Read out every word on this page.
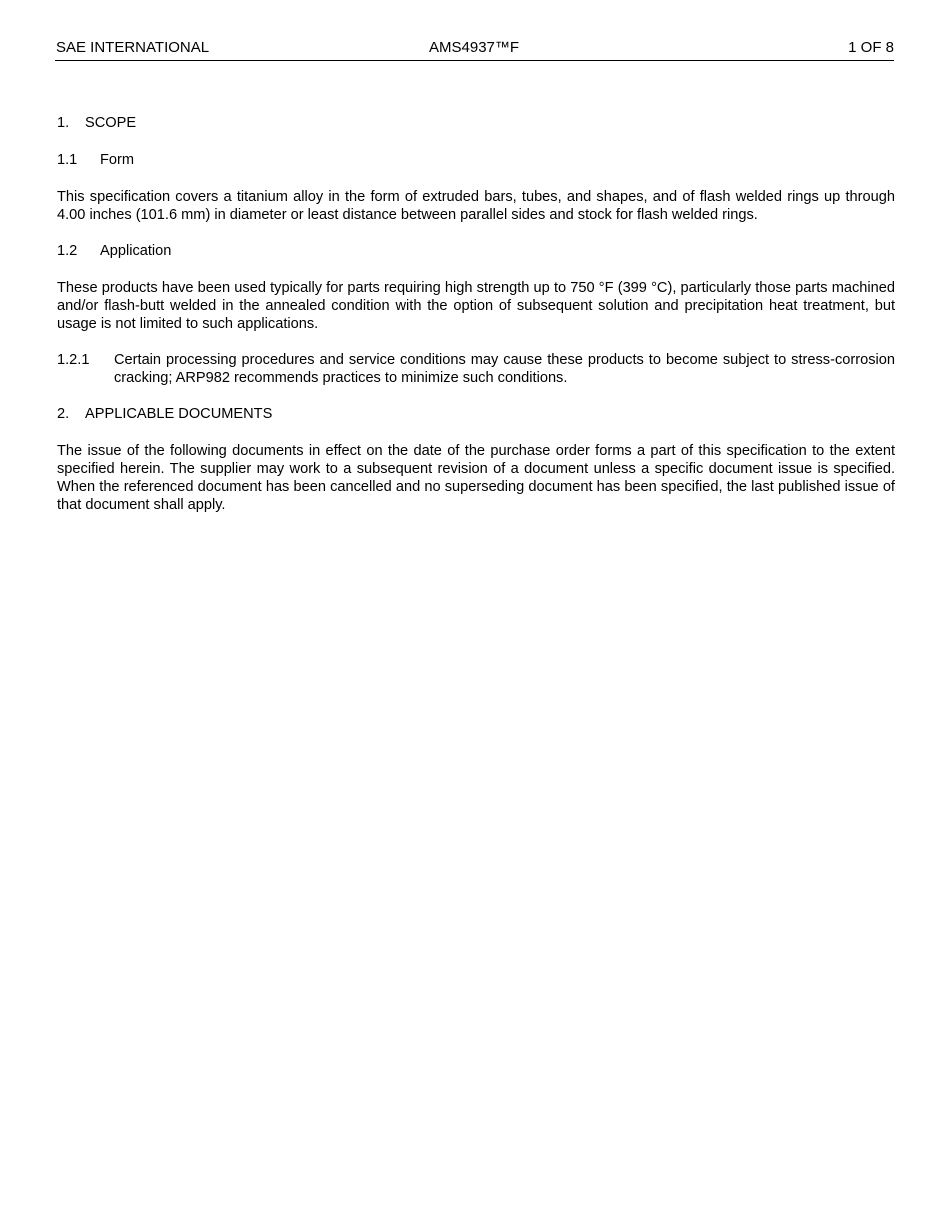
SAE INTERNATIONAL	AMS4937™F	1 OF 8
1. SCOPE
1.1 Form

This specification covers a titanium alloy in the form of extruded bars, tubes, and shapes, and of flash welded rings up through 4.00 inches (101.6 mm) in diameter or least distance between parallel sides and stock for flash welded rings.

1.2 Application

These products have been used typically for parts requiring high strength up to 750 °F (399 °C), particularly those parts machined and/or flash-butt welded in the annealed condition with the option of subsequent solution and precipitation heat treatment, but usage is not limited to such applications.

1.2.1	Certain processing procedures and service conditions may cause these products to become subject to stress-corrosion cracking; ARP982 recommends practices to minimize such conditions.
2. APPLICABLE DOCUMENTS

The issue of the following documents in effect on the date of the purchase order forms a part of this specification to the extent specified herein. The supplier may work to a subsequent revision of a document unless a specific document issue is specified. When the referenced document has been cancelled and no superseding document has been specified, the last published issue of that document shall apply.
